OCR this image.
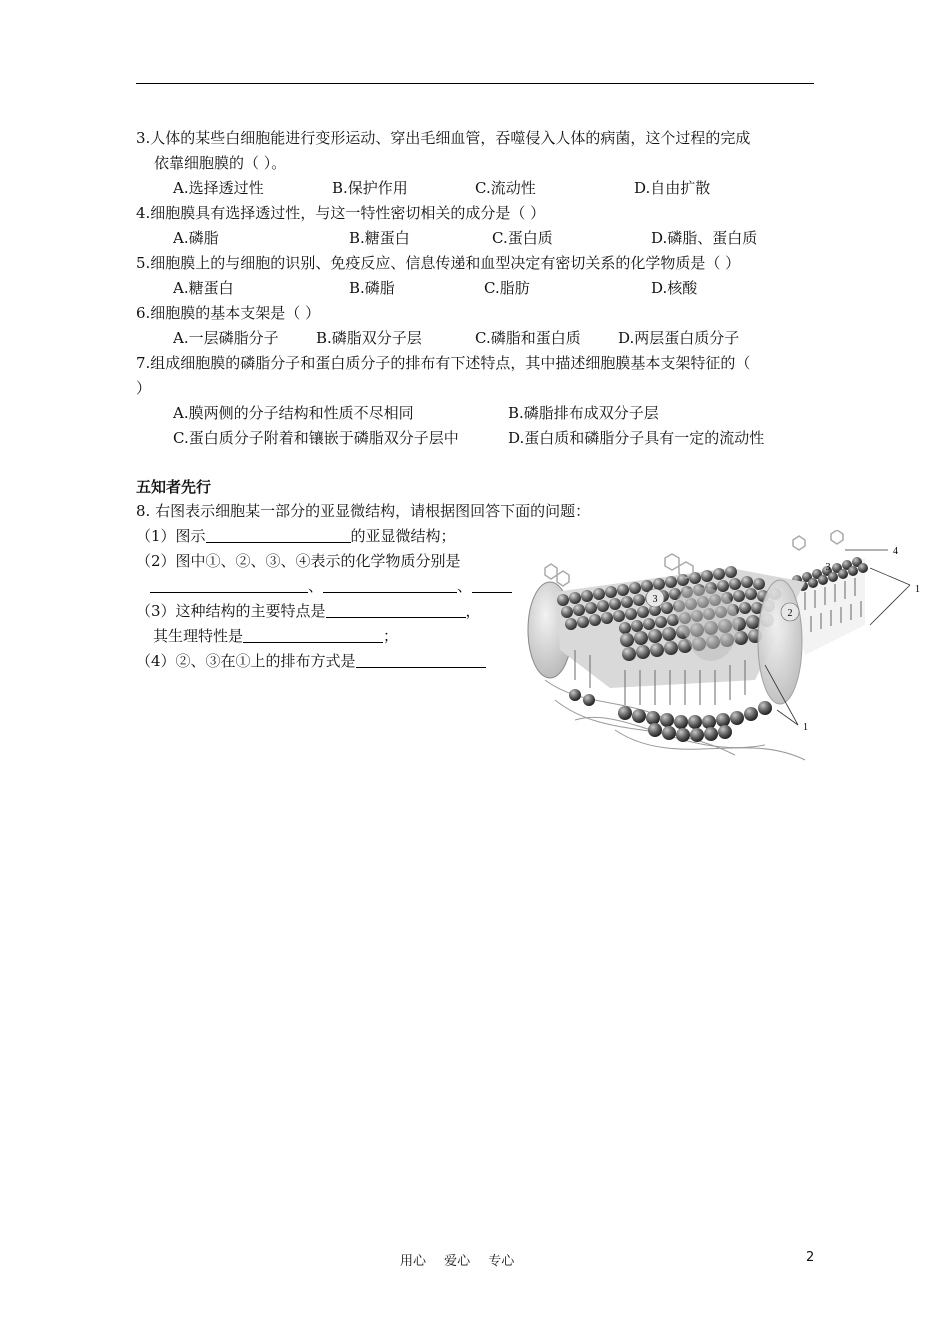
3.人体的某些白细胞能进行变形运动、穿出毛细血管，吞噬侵入人体的病菌，这个过程的完成
依靠细胞膜的（ ）。
A.选择透过性	B.保护作用	C.流动性	D.自由扩散
4.细胞膜具有选择透过性，与这一特性密切相关的成分是（ ）
A.磷脂	B.糖蛋白	C.蛋白质	D.磷脂、蛋白质
5.细胞膜上的与细胞的识别、免疫反应、信息传递和血型决定有密切关系的化学物质是（ ）
A.糖蛋白	B.磷脂	C.脂肪	D.核酸
6.细胞膜的基本支架是（ ）
A.一层磷脂分子 B.磷脂双分子层	C.磷脂和蛋白质 D.两层蛋白质分子
7.组成细胞膜的磷脂分子和蛋白质分子的排布有下述特点，其中描述细胞膜基本支架特征的（
）
A.膜两侧的分子结构和性质不尽相同	B.磷脂排布成双分子层
C.蛋白质分子附着和镶嵌于磷脂双分子层中	D.蛋白质和磷脂分子具有一定的流动性
五知者先行
8. 右图表示细胞某一部分的亚显微结构，请根据图回答下面的问题：
（1）图示	的亚显微结构；
（2）图中①、②、③、④表示的化学物质分别是
、	、
（3）这种结构的主要特点是	，
其生理特性是	；
（4）②、③在①上的排布方式是
3
2
3
4
1
1
用心 爱心 专心	2
